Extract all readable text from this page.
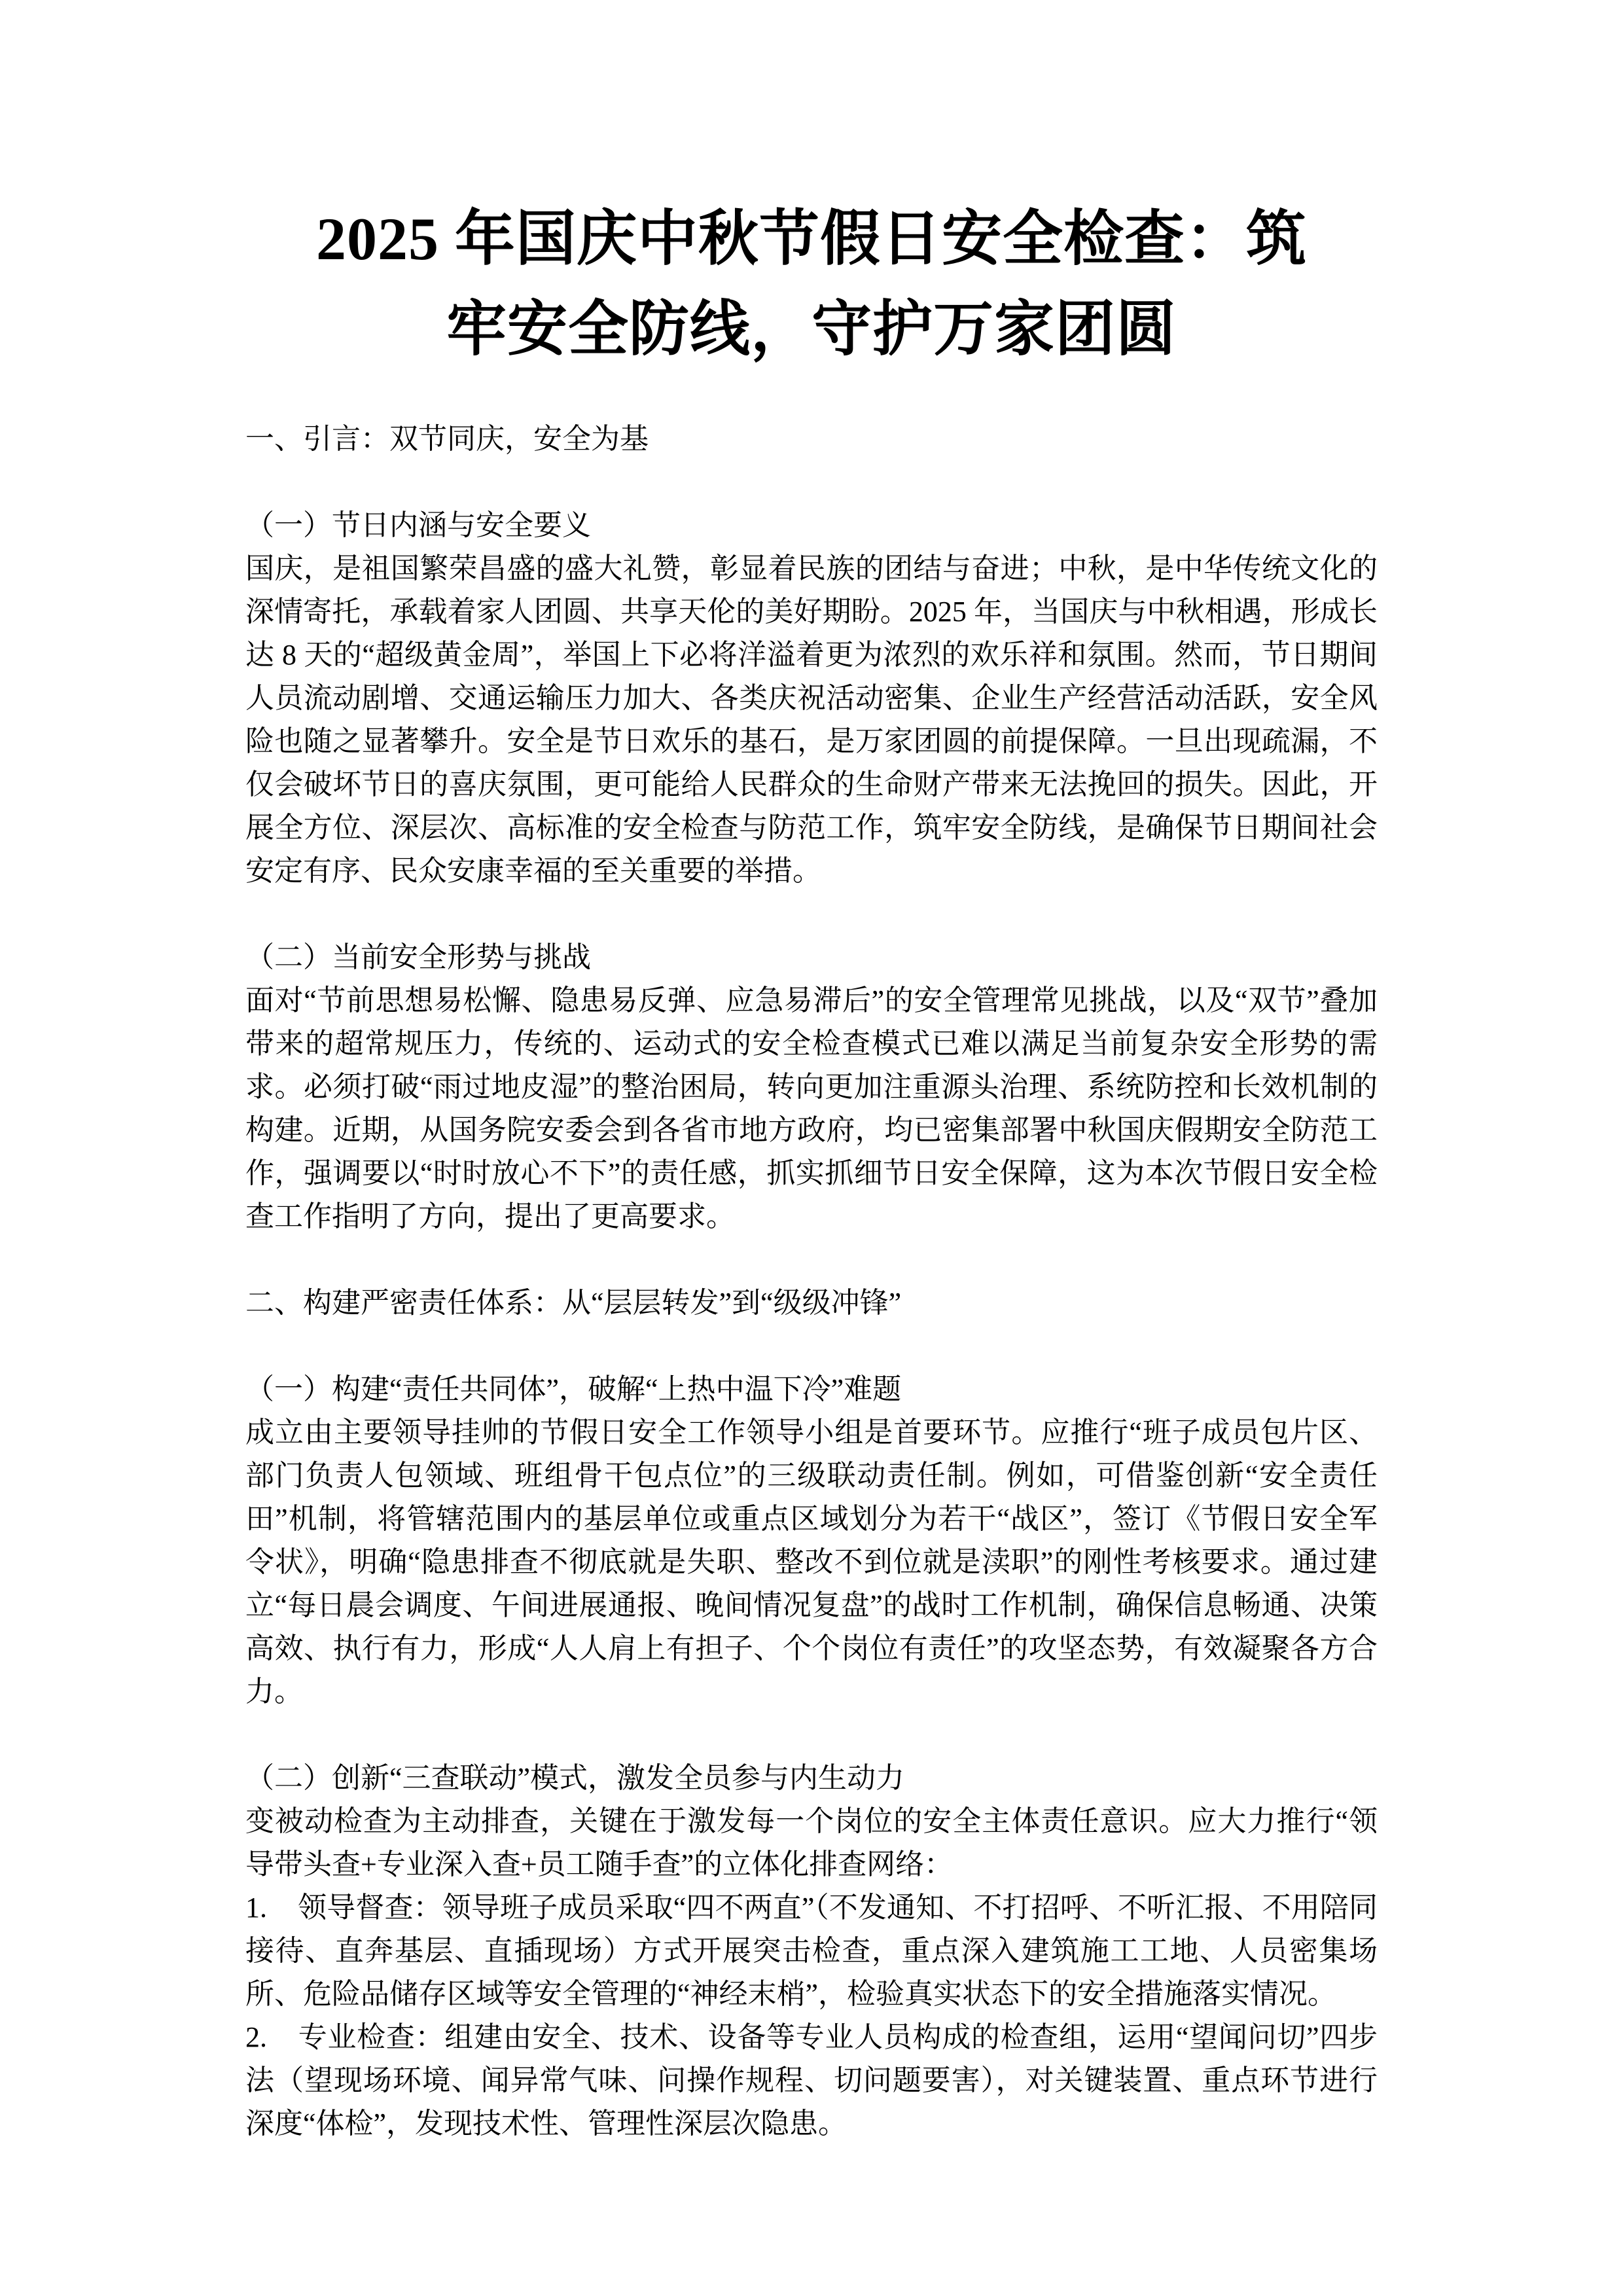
2025 年国庆中秋节假日安全检查：筑
牢安全防线，守护万家团圆
一、引言：双节同庆，安全为基
（一）节日内涵与安全要义
国庆，是祖国繁荣昌盛的盛大礼赞，彰显着民族的团结与奋进；中秋，是中华传统文化的深情寄托，承载着家人团圆、共享天伦的美好期盼。2025 年，当国庆与中秋相遇，形成长达 8 天的“超级黄金周”，举国上下必将洋溢着更为浓烈的欢乐祥和氛围。然而，节日期间人员流动剧增、交通运输压力加大、各类庆祝活动密集、企业生产经营活动活跃，安全风险也随之显著攀升。安全是节日欢乐的基石，是万家团圆的前提保障。一旦出现疏漏，不仅会破坏节日的喜庆氛围，更可能给人民群众的生命财产带来无法挽回的损失。因此，开展全方位、深层次、高标准的安全检查与防范工作，筑牢安全防线，是确保节日期间社会安定有序、民众安康幸福的至关重要的举措。
（二）当前安全形势与挑战
面对“节前思想易松懈、隐患易反弹、应急易滞后”的安全管理常见挑战，以及“双节”叠加带来的超常规压力，传统的、运动式的安全检查模式已难以满足当前复杂安全形势的需求。必须打破“雨过地皮湿”的整治困局，转向更加注重源头治理、系统防控和长效机制的构建。近期，从国务院安委会到各省市地方政府，均已密集部署中秋国庆假期安全防范工作，强调要以“时时放心不下”的责任感，抓实抓细节日安全保障，这为本次节假日安全检查工作指明了方向，提出了更高要求。
二、构建严密责任体系：从“层层转发”到“级级冲锋”
（一）构建“责任共同体”，破解“上热中温下冷”难题
成立由主要领导挂帅的节假日安全工作领导小组是首要环节。应推行“班子成员包片区、部门负责人包领域、班组骨干包点位”的三级联动责任制。例如，可借鉴创新“安全责任田”机制，将管辖范围内的基层单位或重点区域划分为若干“战区”，签订《节假日安全军令状》，明确“隐患排查不彻底就是失职、整改不到位就是渎职”的刚性考核要求。通过建立“每日晨会调度、午间进展通报、晚间情况复盘”的战时工作机制，确保信息畅通、决策高效、执行有力，形成“人人肩上有担子、个个岗位有责任”的攻坚态势，有效凝聚各方合力。
（二）创新“三查联动”模式，激发全员参与内生动力
变被动检查为主动排查，关键在于激发每一个岗位的安全主体责任意识。应大力推行“领导带头查+专业深入查+员工随手查”的立体化排查网络：
1. 领导督查：领导班子成员采取“四不两直”（不发通知、不打招呼、不听汇报、不用陪同接待、直奔基层、直插现场）方式开展突击检查，重点深入建筑施工工地、人员密集场所、危险品储存区域等安全管理的“神经末梢”，检验真实状态下的安全措施落实情况。
2. 专业检查：组建由安全、技术、设备等专业人员构成的检查组，运用“望闻问切”四步法（望现场环境、闻异常气味、问操作规程、切问题要害），对关键装置、重点环节进行深度“体检”，发现技术性、管理性深层次隐患。
